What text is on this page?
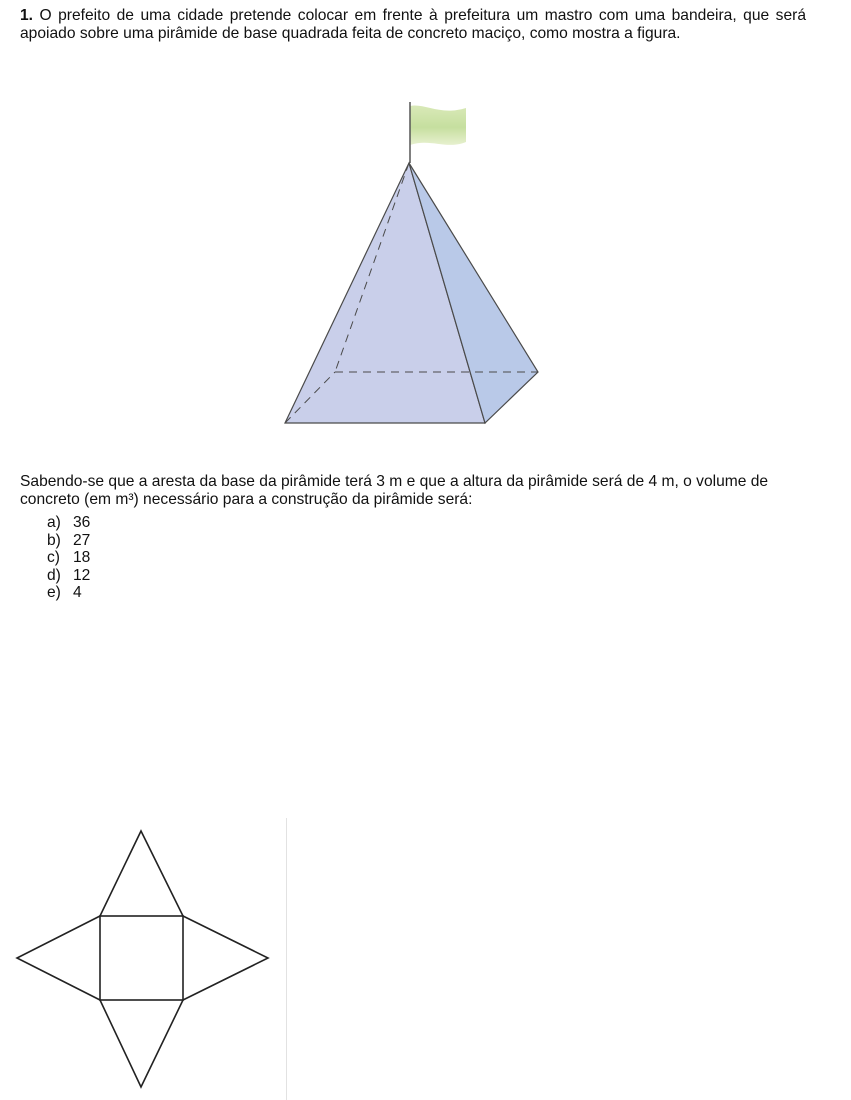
1. O prefeito de uma cidade pretende colocar em frente à prefeitura um mastro com uma bandeira, que será apoiado sobre uma pirâmide de base quadrada feita de concreto maciço, como mostra a figura.

Sabendo-se que a aresta da base da pirâmide terá 3 m e que a altura da pirâmide será de 4 m, o volume de concreto (em m³) necessário para a construção da pirâmide será:

a) 36
b) 27
c) 18
d) 12
e) 4
